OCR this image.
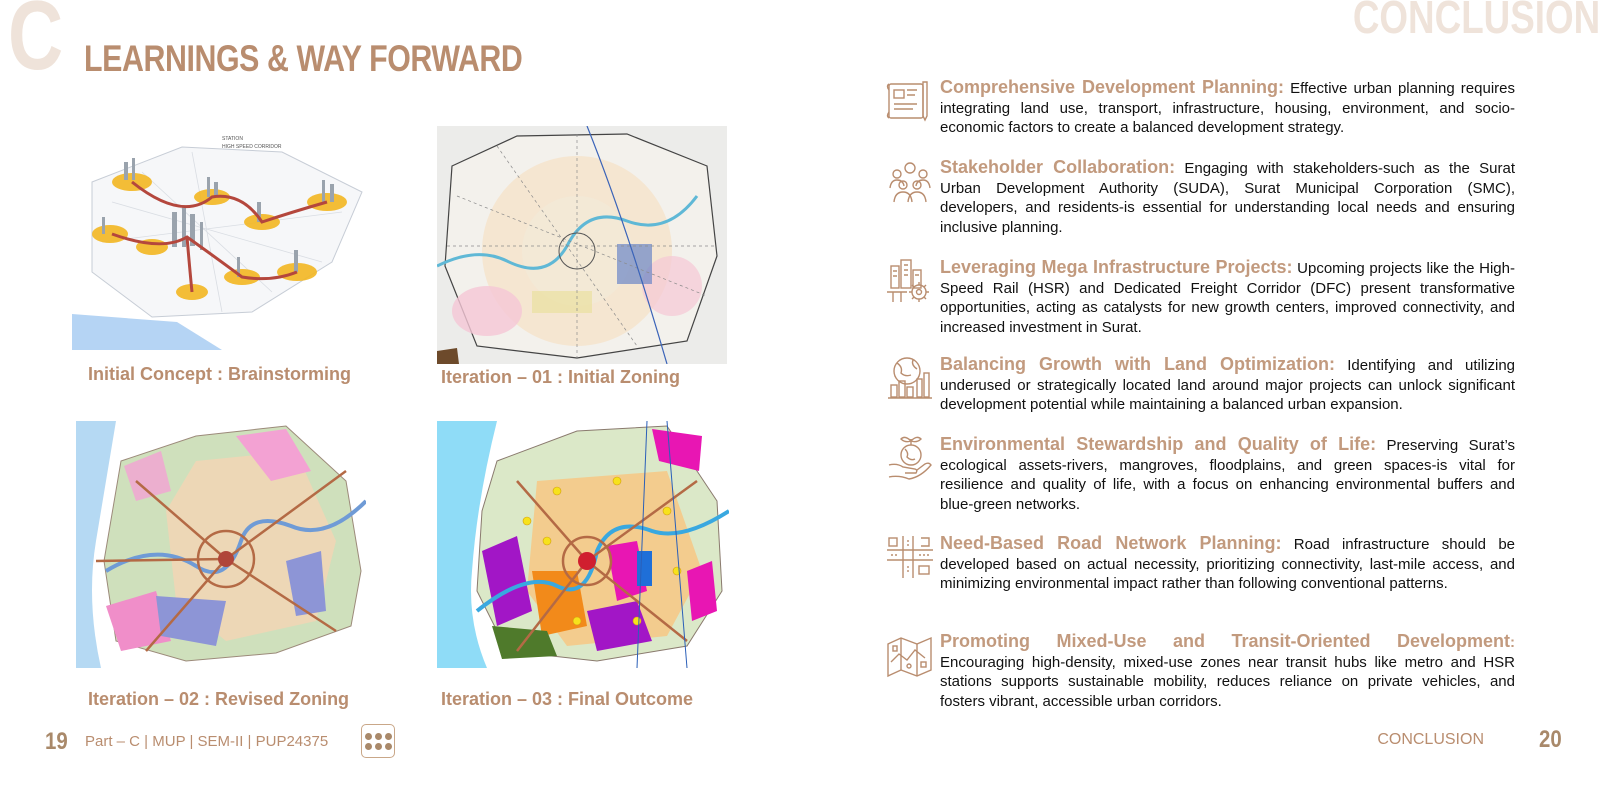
C LEARNINGS & WAY FORWARD
STATION
HIGH SPEED CORRIDOR
Initial Concept : Brainstorming	Iteration – 01 : Initial Zoning
Iteration – 02 : Revised Zoning	Iteration – 03 : Final Outcome
19 Part – C | MUP | SEM-II | PUP24375
CONCLUSION
Comprehensive Development Planning: Effective urban planning requires integrating land use, transport, infrastructure, housing, environment, and socio-economic factors to create a balanced development strategy.
Stakeholder Collaboration: Engaging with stakeholders-such as the Surat Urban Development Authority (SUDA), Surat Municipal Corporation (SMC), developers, and residents-is essential for understanding local needs and ensuring inclusive planning.
Leveraging Mega Infrastructure Projects: Upcoming projects like the High-Speed Rail (HSR) and Dedicated Freight Corridor (DFC) present transformative opportunities, acting as catalysts for new growth centers, improved connectivity, and increased investment in Surat.
Balancing Growth with Land Optimization: Identifying and utilizing underused or strategically located land around major projects can unlock significant development potential while maintaining a balanced urban expansion.
Environmental Stewardship and Quality of Life: Preserving Surat’s ecological assets-rivers, mangroves, floodplains, and green spaces-is vital for resilience and quality of life, with a focus on enhancing environmental buffers and blue-green networks.
Need-Based Road Network Planning: Road infrastructure should be developed based on actual necessity, prioritizing connectivity, last-mile access, and minimizing environmental impact rather than following conventional patterns.
Promoting Mixed-Use and Transit-Oriented Development: Encouraging high-density, mixed-use zones near transit hubs like metro and HSR stations supports sustainable mobility, reduces reliance on private vehicles, and fosters vibrant, accessible urban corridors.
CONCLUSION 20
